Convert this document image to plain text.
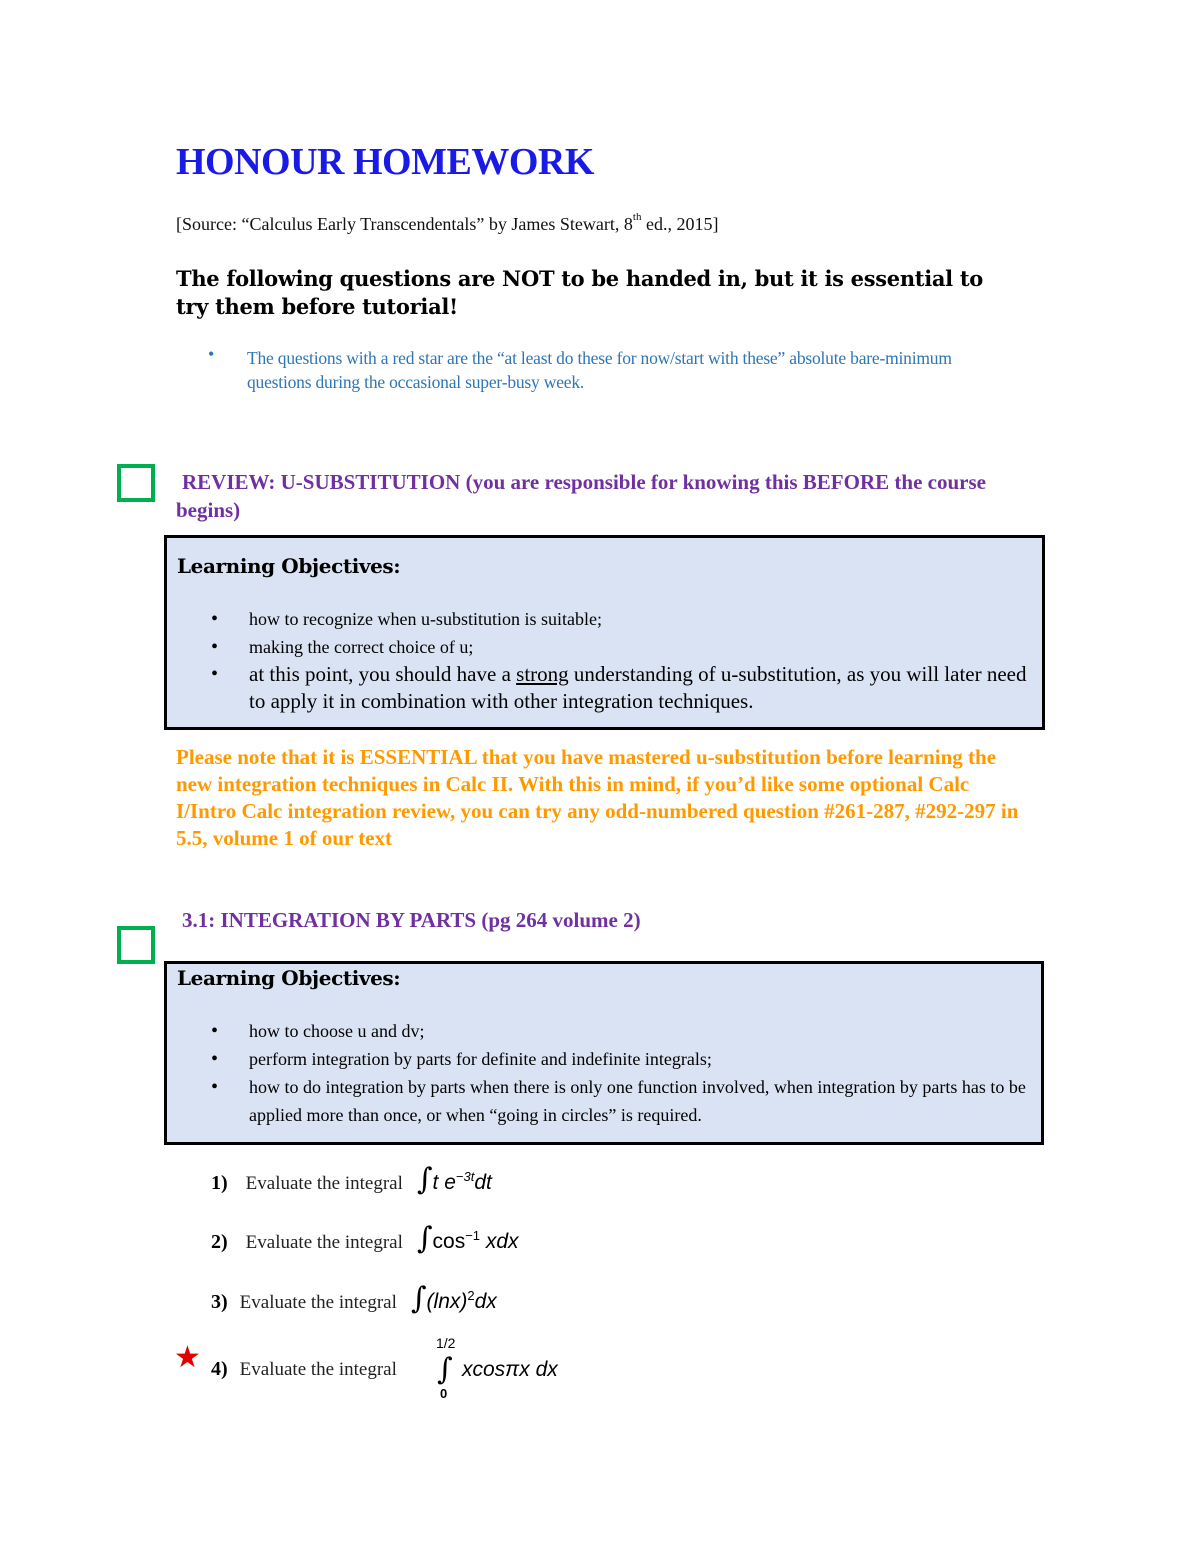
HONOUR HOMEWORK
[Source: “Calculus Early Transcendentals” by James Stewart, 8th ed., 2015]
The following questions are NOT to be handed in, but it is essential to try them before tutorial!
• The questions with a red star are the “at least do these for now/start with these” absolute bare-minimum questions during the occasional super-busy week.
REVIEW: U-SUBSTITUTION (you are responsible for knowing this BEFORE the course begins)
Learning Objectives:
• how to recognize when u-substitution is suitable;
• making the correct choice of u;
• at this point, you should have a strong understanding of u-substitution, as you will later need to apply it in combination with other integration techniques.
Please note that it is ESSENTIAL that you have mastered u-substitution before learning the new integration techniques in Calc II. With this in mind, if you’d like some optional Calc I/Intro Calc integration review, you can try any odd-numbered question #261-287, #292-297 in 5.5, volume 1 of our text
3.1: INTEGRATION BY PARTS (pg 264 volume 2)
Learning Objectives:
• how to choose u and dv;
• perform integration by parts for definite and indefinite integrals;
• how to do integration by parts when there is only one function involved, when integration by parts has to be applied more than once, or when “going in circles” is required.
1) Evaluate the integral ∫t $e^{-3t}dt$
2) Evaluate the integral $\int\cos^{-1}$ xdx
3) Evaluate the integral $\int(\ln x)^2dx$
★ 4) Evaluate the integral
1/2
∫
0
xcosπx dx
